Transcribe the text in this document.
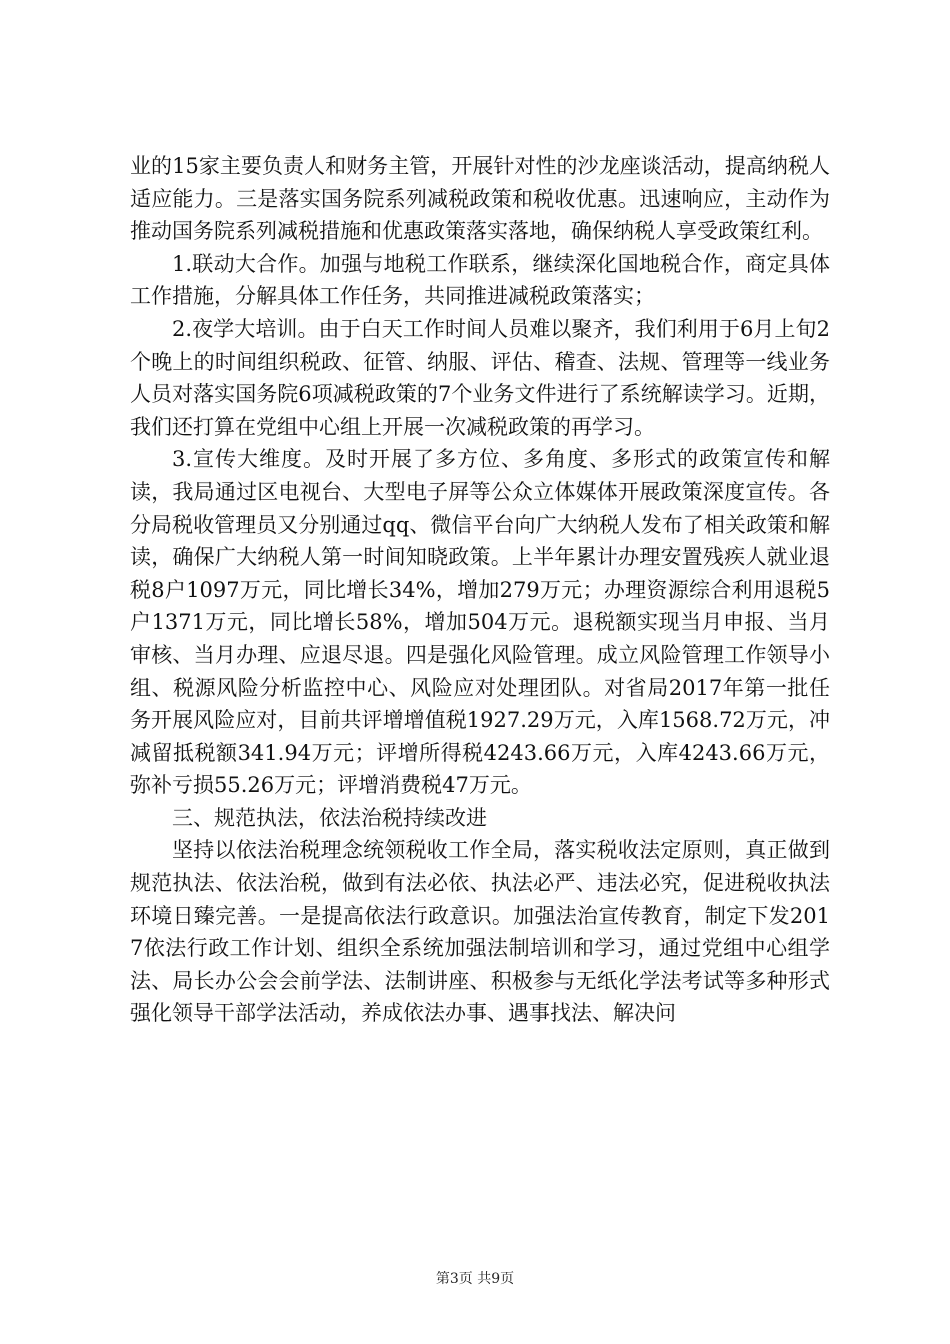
业的15家主要负责人和财务主管，开展针对性的沙龙座谈活动，提高纳税人适应能力。三是落实国务院系列减税政策和税收优惠。迅速响应，主动作为推动国务院系列减税措施和优惠政策落实落地，确保纳税人享受政策红利。

1.联动大合作。加强与地税工作联系，继续深化国地税合作，商定具体工作措施，分解具体工作任务，共同推进减税政策落实；

2.夜学大培训。由于白天工作时间人员难以聚齐，我们利用于6月上旬2个晚上的时间组织税政、征管、纳服、评估、稽查、法规、管理等一线业务人员对落实国务院6项减税政策的7个业务文件进行了系统解读学习。近期，我们还打算在党组中心组上开展一次减税政策的再学习。

3.宣传大维度。及时开展了多方位、多角度、多形式的政策宣传和解读，我局通过区电视台、大型电子屏等公众立体媒体开展政策深度宣传。各分局税收管理员又分别通过qq、微信平台向广大纳税人发布了相关政策和解读，确保广大纳税人第一时间知晓政策。上半年累计办理安置残疾人就业退税8户1097万元，同比增长34%，增加279万元；办理资源综合利用退税5户1371万元，同比增长58%，增加504万元。退税额实现当月申报、当月审核、当月办理、应退尽退。四是强化风险管理。成立风险管理工作领导小组、税源风险分析监控中心、风险应对处理团队。对省局2017年第一批任务开展风险应对，目前共评增增值税1927.29万元，入库1568.72万元，冲减留抵税额341.94万元；评增所得税4243.66万元，入库4243.66万元，弥补亏损55.26万元；评增消费税47万元。

三、规范执法，依法治税持续改进

坚持以依法治税理念统领税收工作全局，落实税收法定原则，真正做到规范执法、依法治税，做到有法必依、执法必严、违法必究，促进税收执法环境日臻完善。一是提高依法行政意识。加强法治宣传教育，制定下发2017依法行政工作计划、组织全系统加强法制培训和学习，通过党组中心组学法、局长办公会会前学法、法制讲座、积极参与无纸化学法考试等多种形式强化领导干部学法活动，养成依法办事、遇事找法、解决问

第3页 共9页
